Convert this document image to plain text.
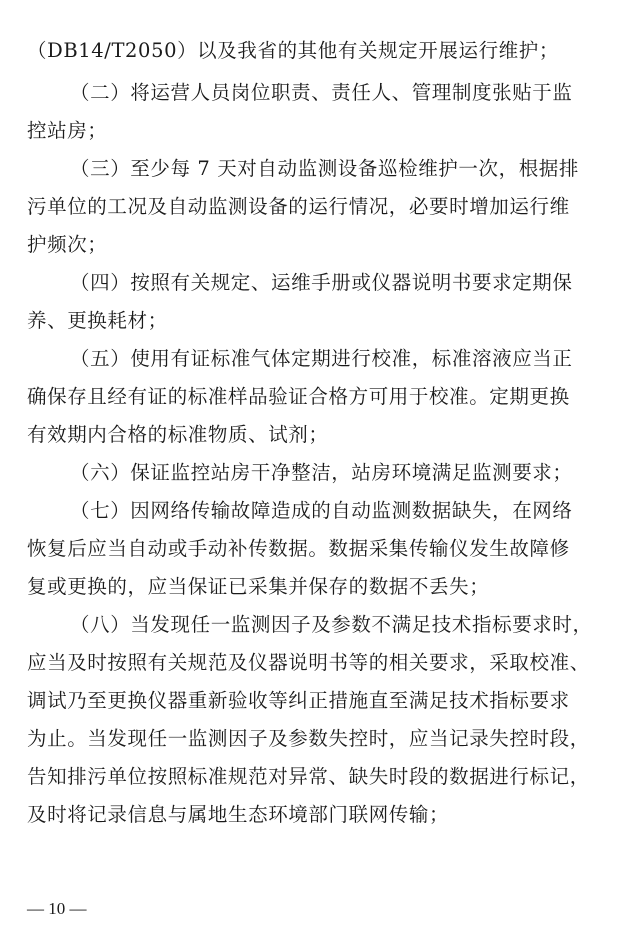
（DB14/T2050）以及我省的其他有关规定开展运行维护；
（二）将运营人员岗位职责、责任人、管理制度张贴于监
控站房；
（三）至少每 7 天对自动监测设备巡检维护一次，根据排
污单位的工况及自动监测设备的运行情况，必要时增加运行维
护频次；
（四）按照有关规定、运维手册或仪器说明书要求定期保
养、更换耗材；
（五）使用有证标准气体定期进行校准，标准溶液应当正
确保存且经有证的标准样品验证合格方可用于校准。定期更换
有效期内合格的标准物质、试剂；
（六）保证监控站房干净整洁，站房环境满足监测要求；
（七）因网络传输故障造成的自动监测数据缺失，在网络
恢复后应当自动或手动补传数据。数据采集传输仪发生故障修
复或更换的，应当保证已采集并保存的数据不丢失；
（八）当发现任一监测因子及参数不满足技术指标要求时，
应当及时按照有关规范及仪器说明书等的相关要求，采取校准、
调试乃至更换仪器重新验收等纠正措施直至满足技术指标要求
为止。当发现任一监测因子及参数失控时，应当记录失控时段，
告知排污单位按照标准规范对异常、缺失时段的数据进行标记，
及时将记录信息与属地生态环境部门联网传输；
— 10 —
